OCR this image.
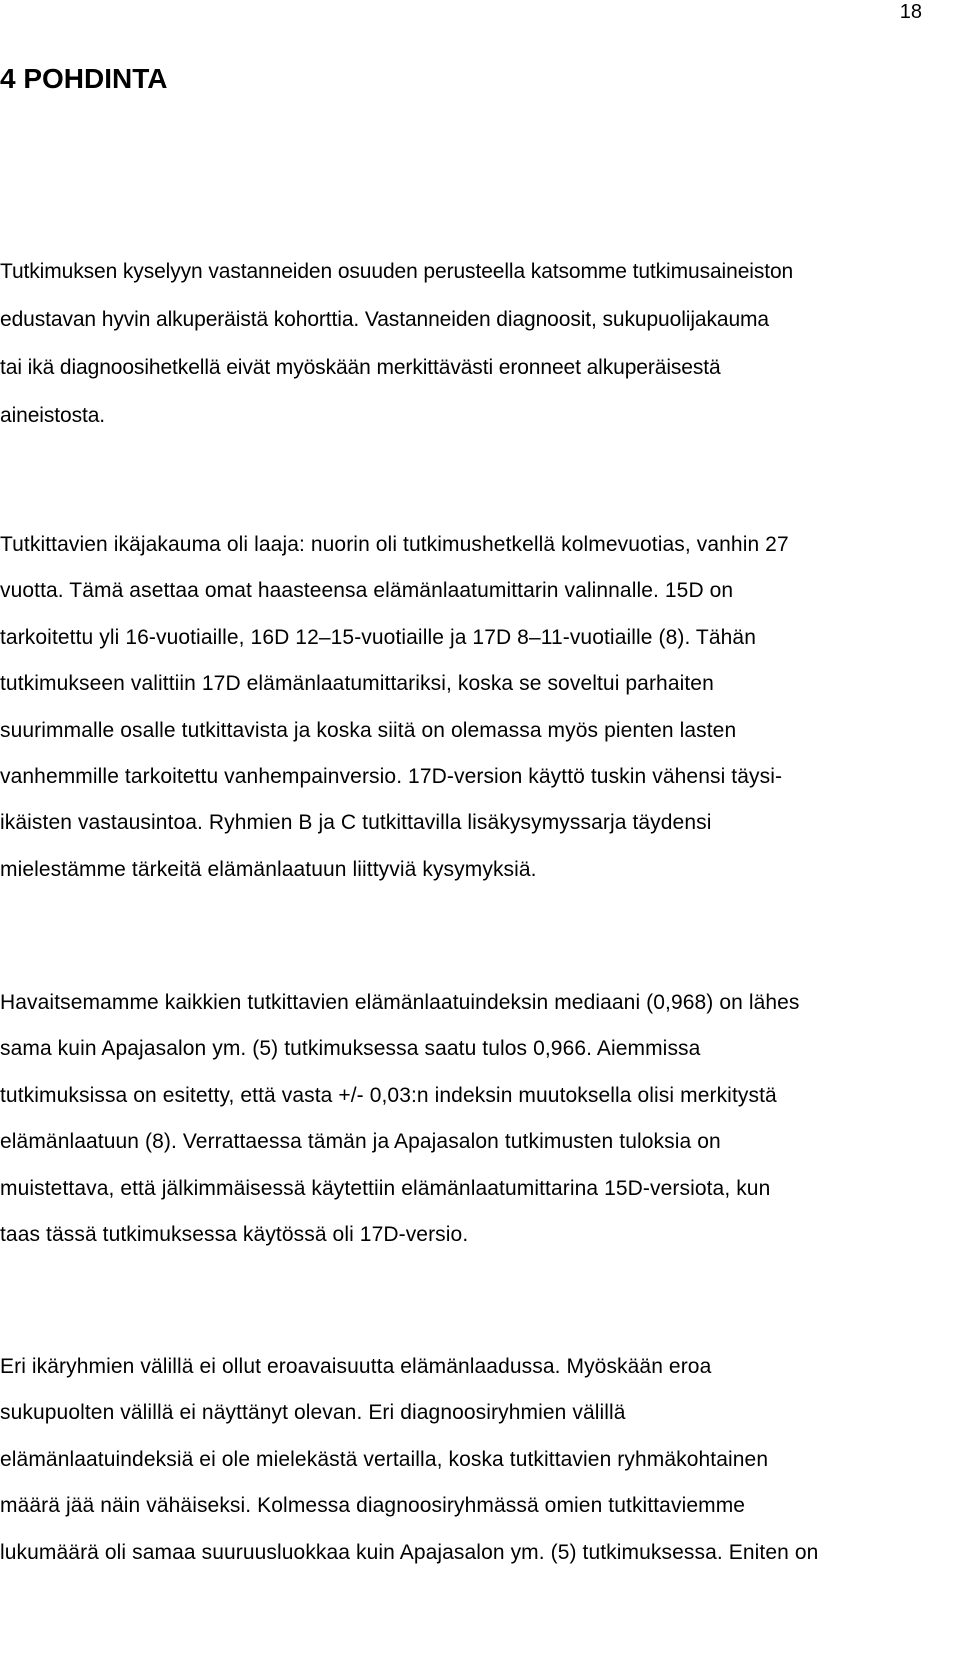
18
4 POHDINTA
Tutkimuksen kyselyyn vastanneiden osuuden perusteella katsomme tutkimusaineiston
edustavan hyvin alkuperäistä kohorttia. Vastanneiden diagnoosit, sukupuolijakauma
tai ikä diagnoosihetkellä eivät myöskään merkittävästi eronneet alkuperäisestä
aineistosta.
Tutkittavien ikäjakauma oli laaja: nuorin oli tutkimushetkellä kolmevuotias, vanhin 27
vuotta. Tämä asettaa omat haasteensa elämänlaatumittarin valinnalle. 15D on
tarkoitettu yli 16-vuotiaille, 16D 12–15-vuotiaille ja 17D 8–11-vuotiaille (8). Tähän
tutkimukseen valittiin 17D elämänlaatumittariksi, koska se soveltui parhaiten
suurimmalle osalle tutkittavista ja koska siitä on olemassa myös pienten lasten
vanhemmille tarkoitettu vanhempainversio. 17D-version käyttö tuskin vähensi täysi-
ikäisten vastausintoa. Ryhmien B ja C tutkittavilla lisäkysymyssarja täydensi
mielestämme tärkeitä elämänlaatuun liittyviä kysymyksiä.
Havaitsemamme kaikkien tutkittavien elämänlaatuindeksin mediaani (0,968) on lähes
sama kuin Apajasalon ym. (5) tutkimuksessa saatu tulos 0,966. Aiemmissa
tutkimuksissa on esitetty, että vasta +/- 0,03:n indeksin muutoksella olisi merkitystä
elämänlaatuun (8). Verrattaessa tämän ja Apajasalon tutkimusten tuloksia on
muistettava, että jälkimmäisessä käytettiin elämänlaatumittarina 15D-versiota, kun
taas tässä tutkimuksessa käytössä oli 17D-versio.
Eri ikäryhmien välillä ei ollut eroavaisuutta elämänlaadussa. Myöskään eroa
sukupuolten välillä ei näyttänyt olevan. Eri diagnoosiryhmien välillä
elämänlaatuindeksiä ei ole mielekästä vertailla, koska tutkittavien ryhmäkohtainen
määrä jää näin vähäiseksi. Kolmessa diagnoosiryhmässä omien tutkittaviemme
lukumäärä oli samaa suuruusluokkaa kuin Apajasalon ym. (5) tutkimuksessa. Eniten on
